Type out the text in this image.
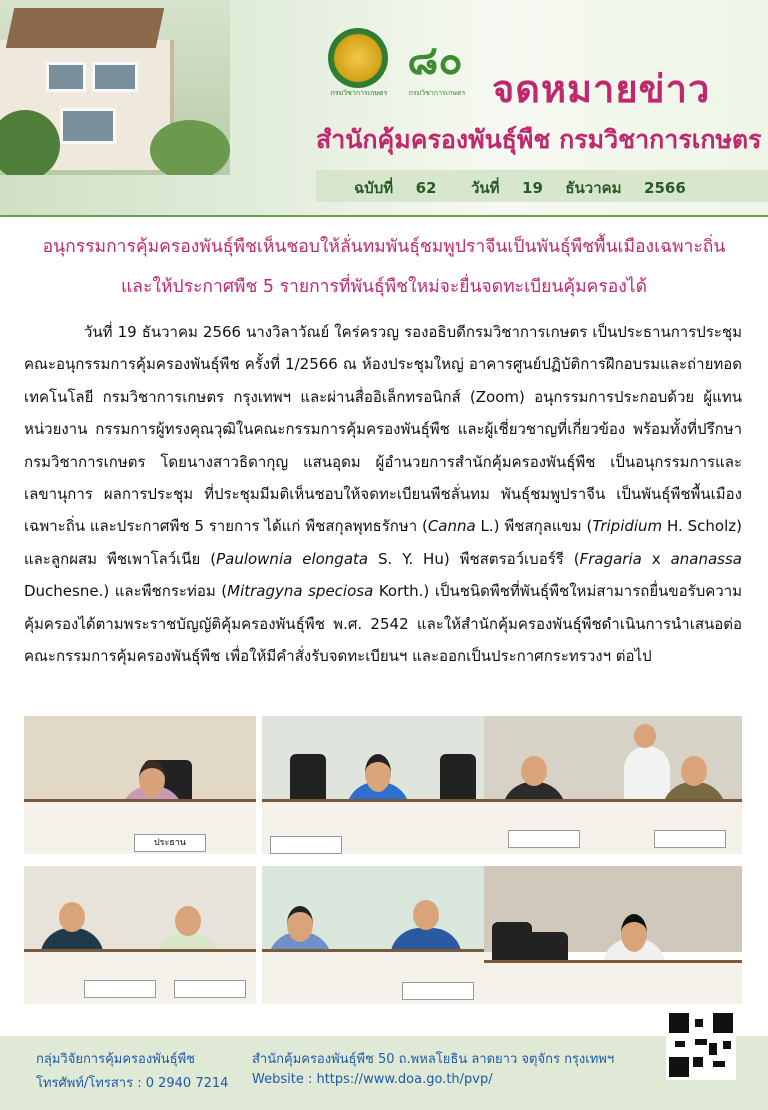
กรมวิชาการเกษตร
๘๐
กรมวิชาการเกษตร จดหมายข่าว
สำนักคุ้มครองพันธุ์พืช กรมวิชาการเกษตร
ฉบับที่ 62 วันที่ 19 ธันวาคม 2566
อนุกรรมการคุ้มครองพันธุ์พืชเห็นชอบให้ลั่นทมพันธุ์ชมพูปราจีนเป็นพันธุ์พืชพื้นเมืองเฉพาะถิ่น
และให้ประกาศพืช 5 รายการที่พันธุ์พืชใหม่จะยื่นจดทะเบียนคุ้มครองได้
วันที่ 19 ธันวาคม 2566 นางวิลาวัณย์ ใคร่ครวญ รองอธิบดีกรมวิชาการเกษตร เป็นประธานการประชุมคณะอนุกรรมการคุ้มครองพันธุ์พืช ครั้งที่ 1/2566 ณ ห้องประชุมใหญ่ อาคารศูนย์ปฏิบัติการฝึกอบรมและถ่ายทอดเทคโนโลยี กรมวิชาการเกษตร กรุงเทพฯ และผ่านสื่ออิเล็กทรอนิกส์ (Zoom) อนุกรรมการประกอบด้วย ผู้แทนหน่วยงาน กรรมการผู้ทรงคุณวุฒิในคณะกรรมการคุ้มครองพันธุ์พืช และผู้เชี่ยวชาญที่เกี่ยวข้อง พร้อมทั้งที่ปรึกษากรมวิชาการเกษตร โดยนางสาวธิดากุญ แสนอุดม ผู้อำนวยการสำนักคุ้มครองพันธุ์พืช เป็นอนุกรรมการและเลขานุการ ผลการประชุม ที่ประชุมมีมติเห็นชอบให้จดทะเบียนพืชลั่นทม พันธุ์ชมพูปราจีน เป็นพันธุ์พืชพื้นเมืองเฉพาะถิ่น และประกาศพืช 5 รายการ ได้แก่ พืชสกุลพุทธรักษา (Canna L.) พืชสกุลแขม (Tripidium H. Scholz) และลูกผสม พืชเพาโลว์เนีย (Paulownia elongata S. Y. Hu) พืชสตรอว์เบอร์รี (Fragaria x ananassa Duchesne.) และพืชกระท่อม (Mitragyna speciosa Korth.) เป็นชนิดพืชที่พันธุ์พืชใหม่สามารถยื่นขอรับความคุ้มครองได้ตามพระราชบัญญัติคุ้มครองพันธุ์พืช พ.ศ. 2542 และให้สำนักคุ้มครองพันธุ์พืชดำเนินการนำเสนอต่อคณะกรรมการคุ้มครองพันธุ์พืช เพื่อให้มีคำสั่งรับจดทะเบียนฯ และออกเป็นประกาศกระทรวงฯ ต่อไป
ประธาน
กลุ่มวิจัยการคุ้มครองพันธุ์พืช
โทรศัพท์/โทรสาร : 0 2940 7214
สำนักคุ้มครองพันธุ์พืช 50 ถ.พหลโยธิน ลาดยาว จตุจักร กรุงเทพฯ
Website : https://www.doa.go.th/pvp/
